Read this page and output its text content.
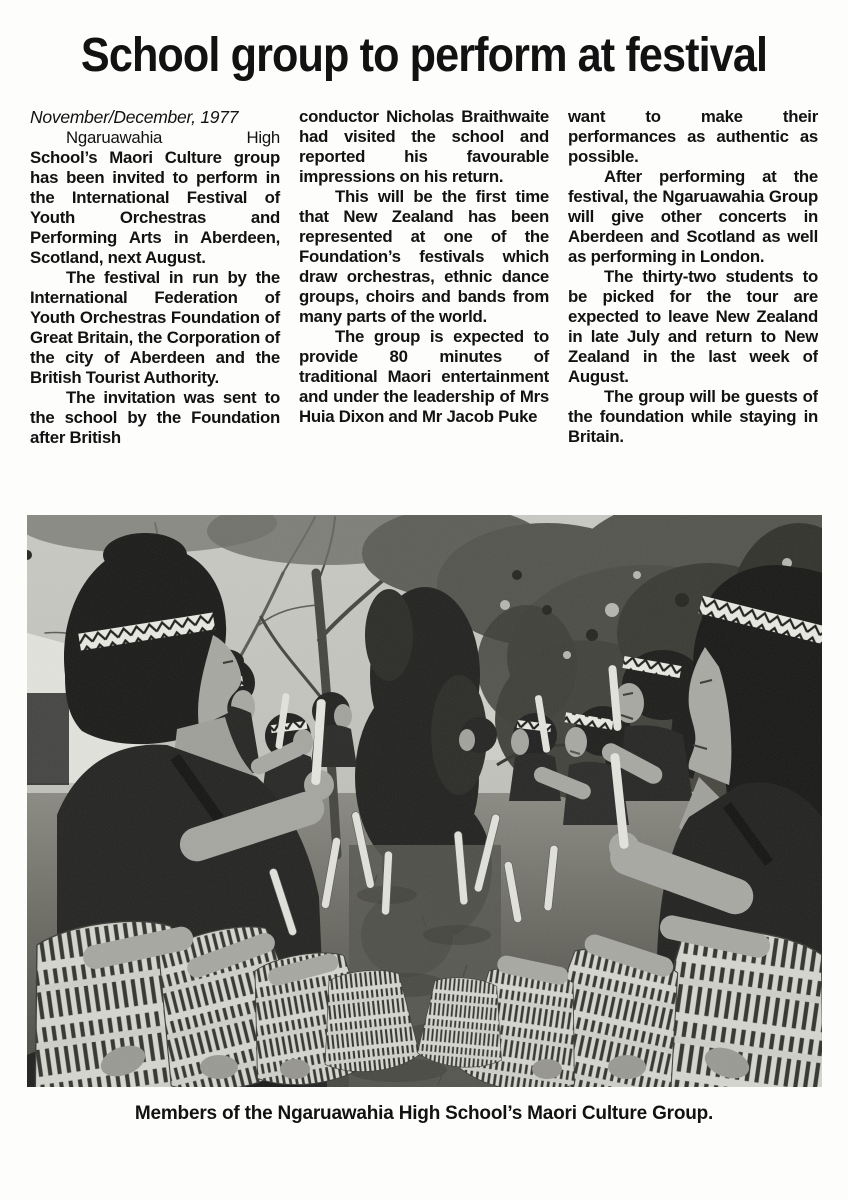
School group to perform at festival

November/December, 1977

Ngaruawahia High
School’s Maori Culture group has been invited to perform in the International Festival of Youth Orchestras and Performing Arts in Aberdeen, Scotland, next August.

The festival in run by the International Federation of Youth Orchestras Foundation of Great Britain, the Corporation of the city of Aberdeen and the British Tourist Authority.

The invitation was sent to the school by the Foundation after British

conductor Nicholas Braithwaite had visited the school and reported his favourable impressions on his return.

This will be the first time that New Zealand has been represented at one of the Foundation’s festivals which draw orchestras, ethnic dance groups, choirs and bands from many parts of the world.

The group is expected to provide 80 minutes of traditional Maori entertainment and under the leadership of Mrs Huia Dixon and Mr Jacob Puke

want to make their performances as authentic as possible.

After performing at the festival, the Ngaruawahia Group will give other concerts in Aberdeen and Scotland as well as performing in London.

The thirty-two students to be picked for the tour are expected to leave New Zealand in late July and return to New Zealand in the last week of August.

The group will be guests of the foundation while staying in Britain.

Members of the Ngaruawahia High School’s Maori Culture Group.
